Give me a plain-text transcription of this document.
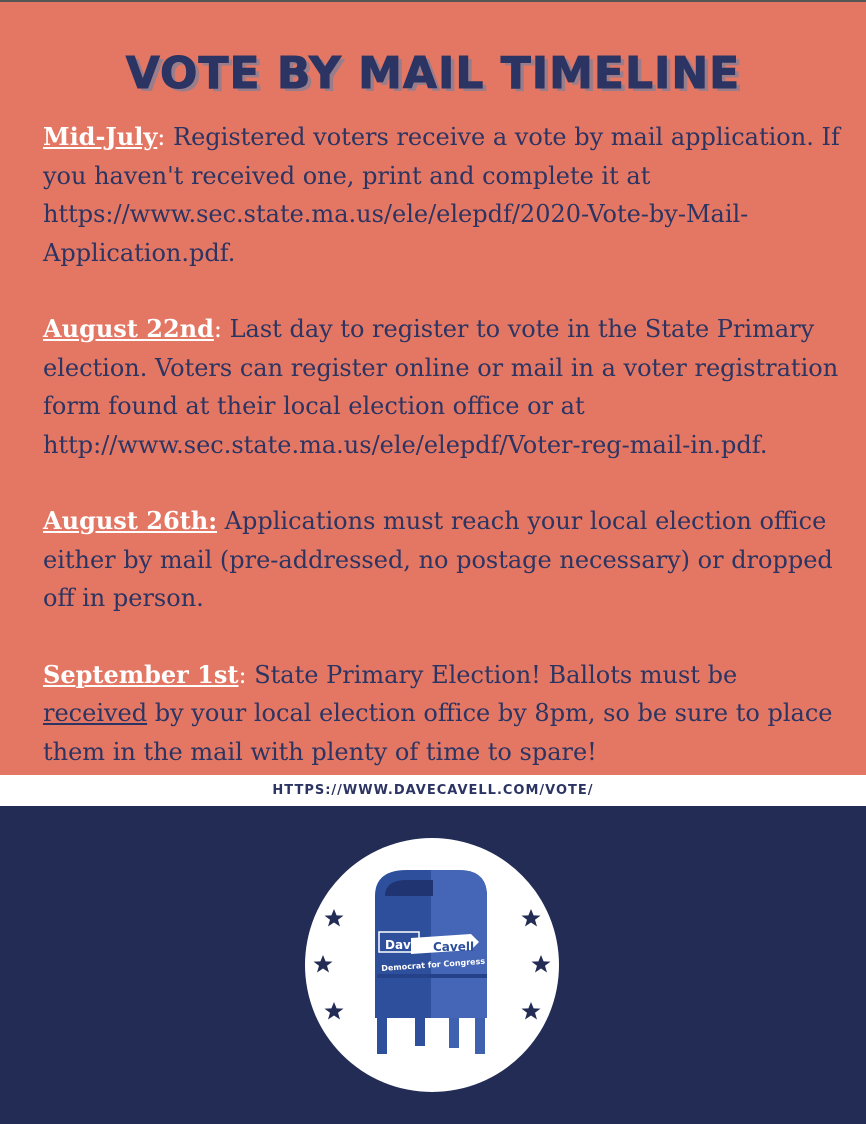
VOTE BY MAIL TIMELINE

Mid-July: Registered voters receive a vote by mail application. If you haven't received one, print and complete it at https://www.sec.state.ma.us/ele/elepdf/2020-Vote-by-Mail-Application.pdf.

August 22nd: Last day to register to vote in the State Primary election. Voters can register online or mail in a voter registration form found at their local election office or at http://www.sec.state.ma.us/ele/elepdf/Voter-reg-mail-in.pdf.

August 26th: Applications must reach your local election office either by mail (pre-addressed, no postage necessary) or dropped off in person.

September 1st: State Primary Election! Ballots must be received by your local election office by 8pm, so be sure to place them in the mail with plenty of time to spare!

HTTPS://WWW.DAVECAVELL.COM/VOTE/
Dave Cavell
Democrat for Congress
